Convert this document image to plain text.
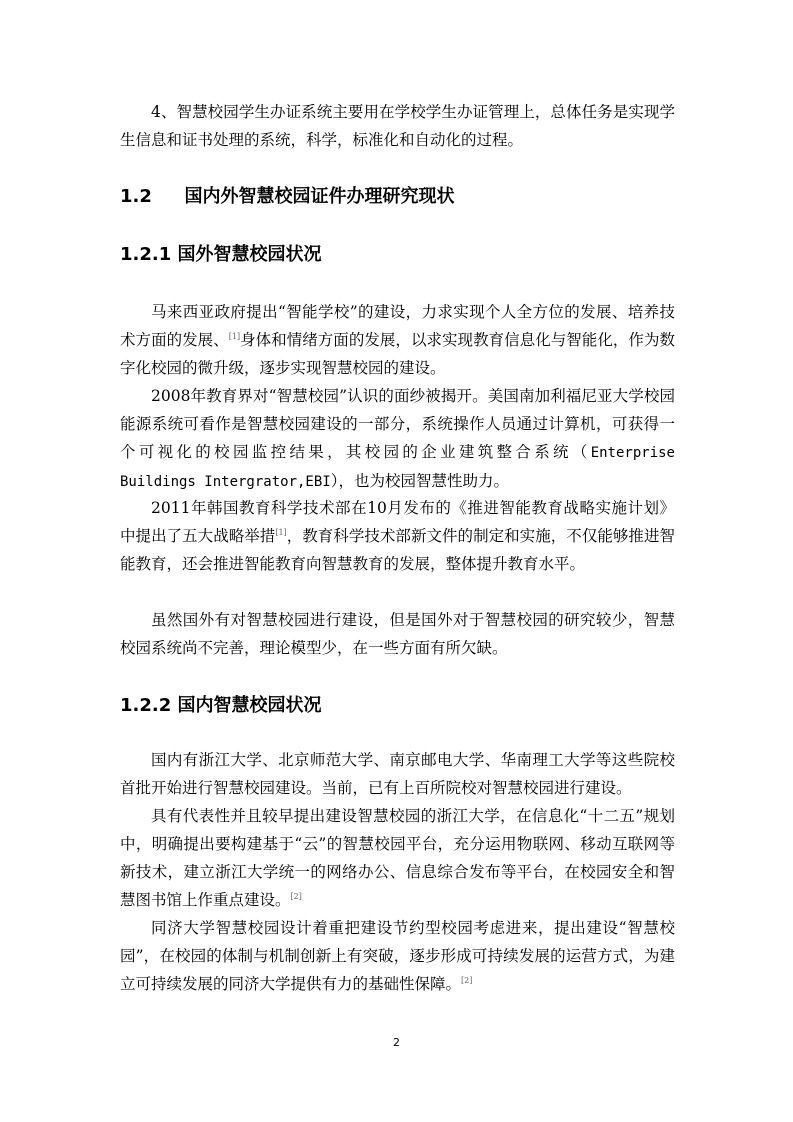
4、智慧校园学生办证系统主要用在学校学生办证管理上，总体任务是实现学生信息和证书处理的系统，科学，标准化和自动化的过程。

1.2 国内外智慧校园证件办理研究现状
1.2.1 国外智慧校园状况

马来西亚政府提出“智能学校”的建设，力求实现个人全方位的发展、培养技术方面的发展、[1]身体和情绪方面的发展，以求实现教育信息化与智能化，作为数字化校园的微升级，逐步实现智慧校园的建设。

2008年教育界对“智慧校园”认识的面纱被揭开。美国南加利福尼亚大学校园能源系统可看作是智慧校园建设的一部分，系统操作人员通过计算机，可获得一个可视化的校园监控结果，其校园的企业建筑整合系统（Enterprise Buildings Intergrator,EBI），也为校园智慧性助力。

2011年韩国教育科学技术部在10月发布的《推进智能教育战略实施计划》中提出了五大战略举措[1]，教育科学技术部新文件的制定和实施，不仅能够推进智能教育，还会推进智能教育向智慧教育的发展，整体提升教育水平。

虽然国外有对智慧校园进行建设，但是国外对于智慧校园的研究较少，智慧校园系统尚不完善，理论模型少，在一些方面有所欠缺。

1.2.2 国内智慧校园状况

国内有浙江大学、北京师范大学、南京邮电大学、华南理工大学等这些院校首批开始进行智慧校园建设。当前，已有上百所院校对智慧校园进行建设。

具有代表性并且较早提出建设智慧校园的浙江大学，在信息化“十二五”规划中，明确提出要构建基于“云”的智慧校园平台，充分运用物联网、移动互联网等新技术，建立浙江大学统一的网络办公、信息综合发布等平台，在校园安全和智慧图书馆上作重点建设。[2]

同济大学智慧校园设计着重把建设节约型校园考虑进来，提出建设“智慧校园”，在校园的体制与机制创新上有突破，逐步形成可持续发展的运营方式，为建立可持续发展的同济大学提供有力的基础性保障。[2]

2
